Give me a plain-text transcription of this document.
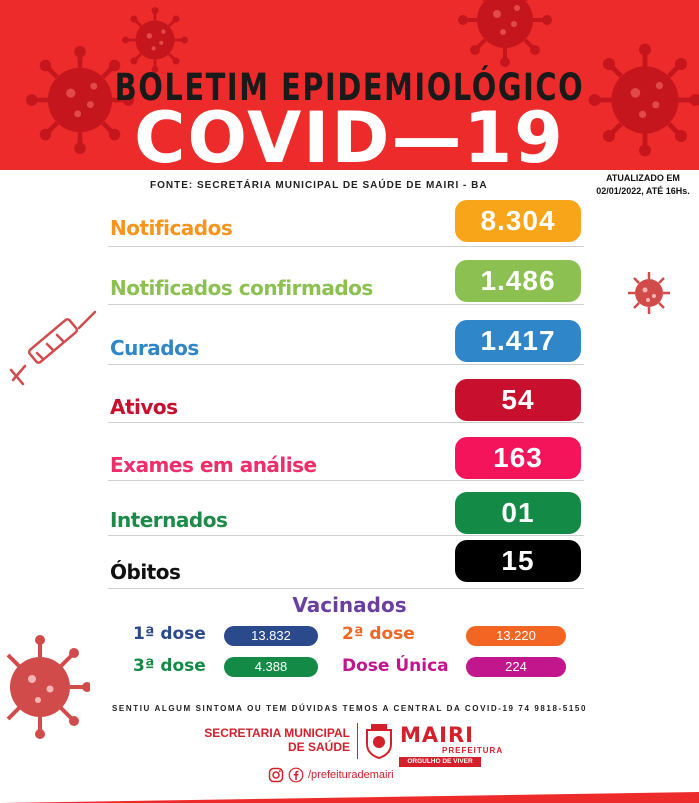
BOLETIM EPIDEMIOLÓGICO
COVID—19
FONTE: SECRETÁRIA MUNICIPAL DE SAÚDE DE MAIRI - BA
ATUALIZADO EM
02/01/2022, ATÉ 16Hs.
Notificados	8.304
Notificados confirmados	1.486
Curados	1.417
Ativos	54
Exames em análise	163
Internados	01
Óbitos	15
Vacinados
1ª dose	13.832	2ª dose	13.220
3ª dose	4.388	Dose Única	224
SENTIU ALGUM SINTOMA OU TEM DÚVIDAS TEMOS A CENTRAL DA COVID-19 74 9818-5150
SECRETARIA MUNICIPAL
DE SAÚDE MAIRI
PREFEITURA
ORGULHO DE VIVER AQUI
/prefeiturademairi
